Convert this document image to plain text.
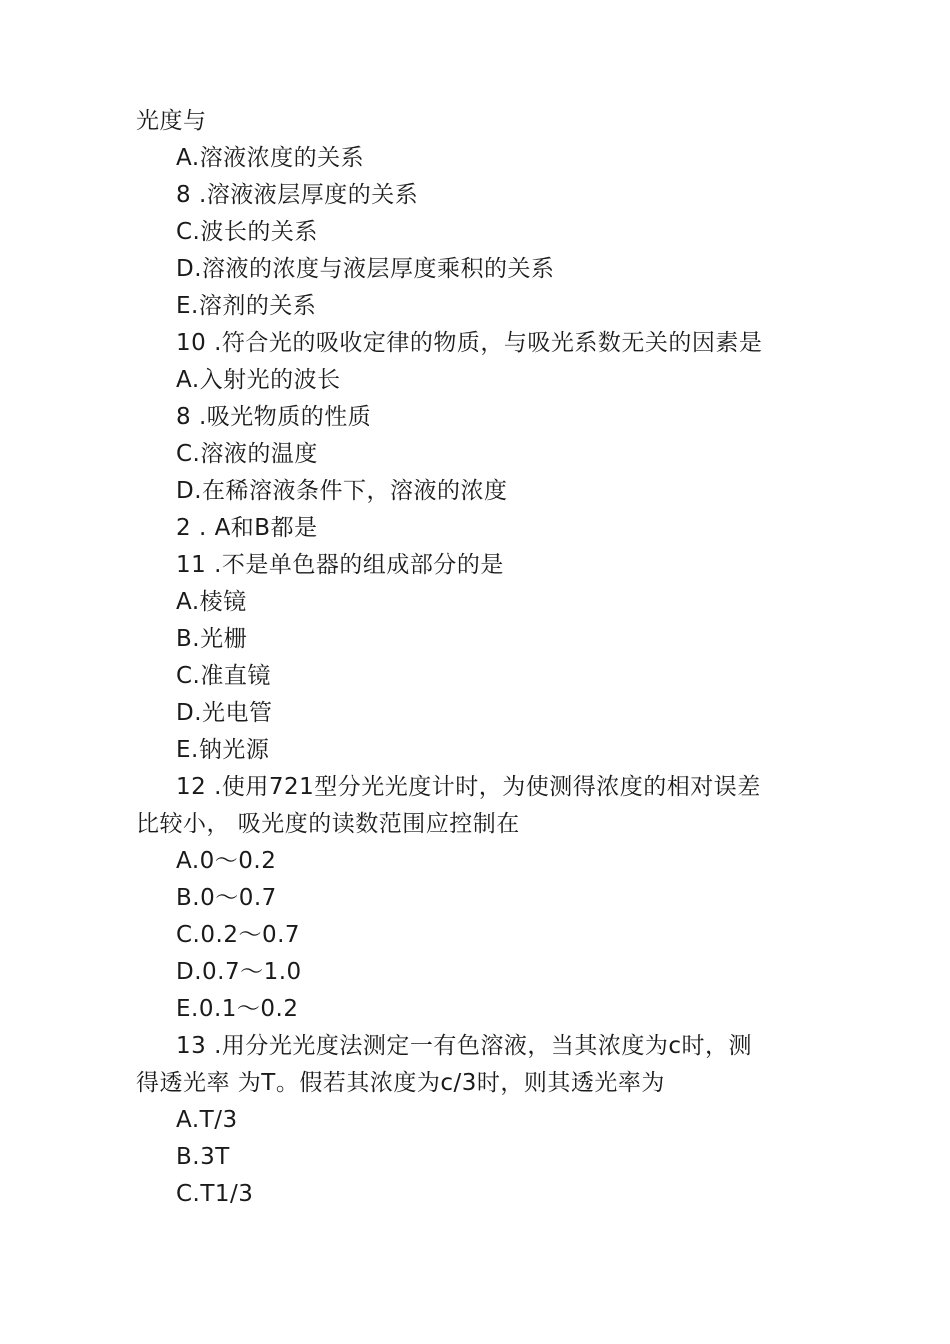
光度与
A.溶液浓度的关系
8 .溶液液层厚度的关系
C.波长的关系
D.溶液的浓度与液层厚度乘积的关系
E.溶剂的关系
10 .符合光的吸收定律的物质，与吸光系数无关的因素是
A.入射光的波长
8 .吸光物质的性质
C.溶液的温度
D.在稀溶液条件下，溶液的浓度
2 . A和B都是
11 .不是单色器的组成部分的是
A.棱镜
B.光栅
C.准直镜
D.光电管
E.钠光源
12 .使用721型分光光度计时，为使测得浓度的相对误差
比较小， 吸光度的读数范围应控制在
A.0～0.2
B.0～0.7
C.0.2～0.7
D.0.7～1.0
E.0.1～0.2
13 .用分光光度法测定一有色溶液，当其浓度为c时，测
得透光率 为T。假若其浓度为c/3时，则其透光率为
A.T/3
B.3T
C.T1/3
